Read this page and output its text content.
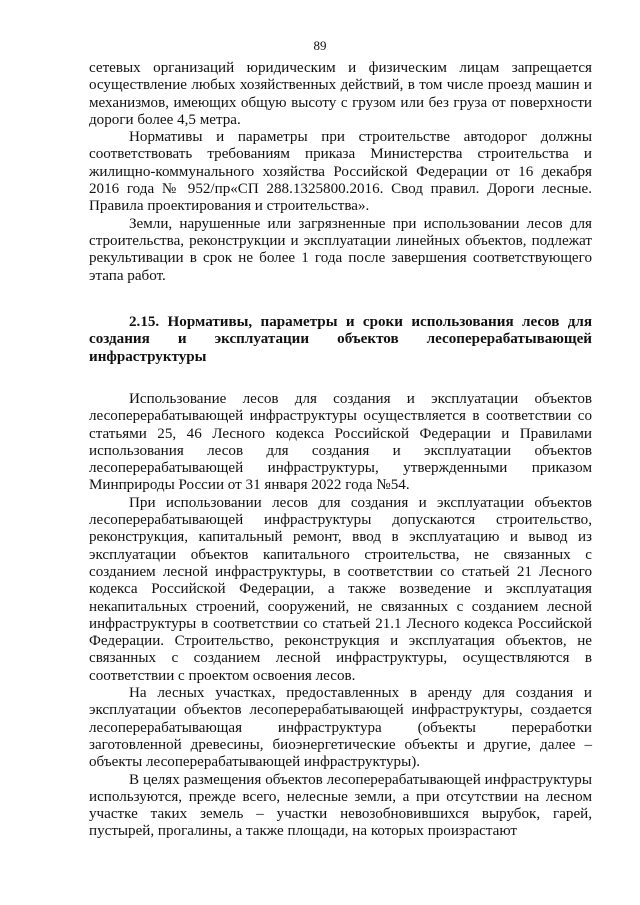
89

сетевых организаций юридическим и физическим лицам запрещается осуществление любых хозяйственных действий, в том числе проезд машин и механизмов, имеющих общую высоту с грузом или без груза от поверхности дороги более 4,5 метра.

Нормативы и параметры при строительстве автодорог должны соответствовать требованиям приказа Министерства строительства и жилищно-коммунального хозяйства Российской Федерации от 16 декабря 2016 года № 952/пр«СП 288.1325800.2016. Свод правил. Дороги лесные. Правила проектирования и строительства».

Земли, нарушенные или загрязненные при использовании лесов для строительства, реконструкции и эксплуатации линейных объектов, подлежат рекультивации в срок не более 1 года после завершения соответствующего этапа работ.

2.15. Нормативы, параметры и сроки использования лесов для создания и эксплуатации объектов лесоперерабатывающей инфраструктуры

Использование лесов для создания и эксплуатации объектов лесоперерабатывающей инфраструктуры осуществляется в соответствии со статьями 25, 46 Лесного кодекса Российской Федерации и Правилами использования лесов для создания и эксплуатации объектов лесоперерабатывающей инфраструктуры, утвержденными приказом Минприроды России от 31 января 2022 года №54.

При использовании лесов для создания и эксплуатации объектов лесоперерабатывающей инфраструктуры допускаются строительство, реконструкция, капитальный ремонт, ввод в эксплуатацию и вывод из эксплуатации объектов капитального строительства, не связанных с созданием лесной инфраструктуры, в соответствии со статьей 21 Лесного кодекса Российской Федерации, а также возведение и эксплуатация некапитальных строений, сооружений, не связанных с созданием лесной инфраструктуры в соответствии со статьей 21.1 Лесного кодекса Российской Федерации. Строительство, реконструкция и эксплуатация объектов, не связанных с созданием лесной инфраструктуры, осуществляются в соответствии с проектом освоения лесов.

На лесных участках, предоставленных в аренду для создания и эксплуатации объектов лесоперерабатывающей инфраструктуры, создается лесоперерабатывающая инфраструктура (объекты переработки заготовленной древесины, биоэнергетические объекты и другие, далее – объекты лесоперерабатывающей инфраструктуры).

В целях размещения объектов лесоперерабатывающей инфраструктуры используются, прежде всего, нелесные земли, а при отсутствии на лесном участке таких земель – участки невозобновившихся вырубок, гарей, пустырей, прогалины, а также площади, на которых произрастают
